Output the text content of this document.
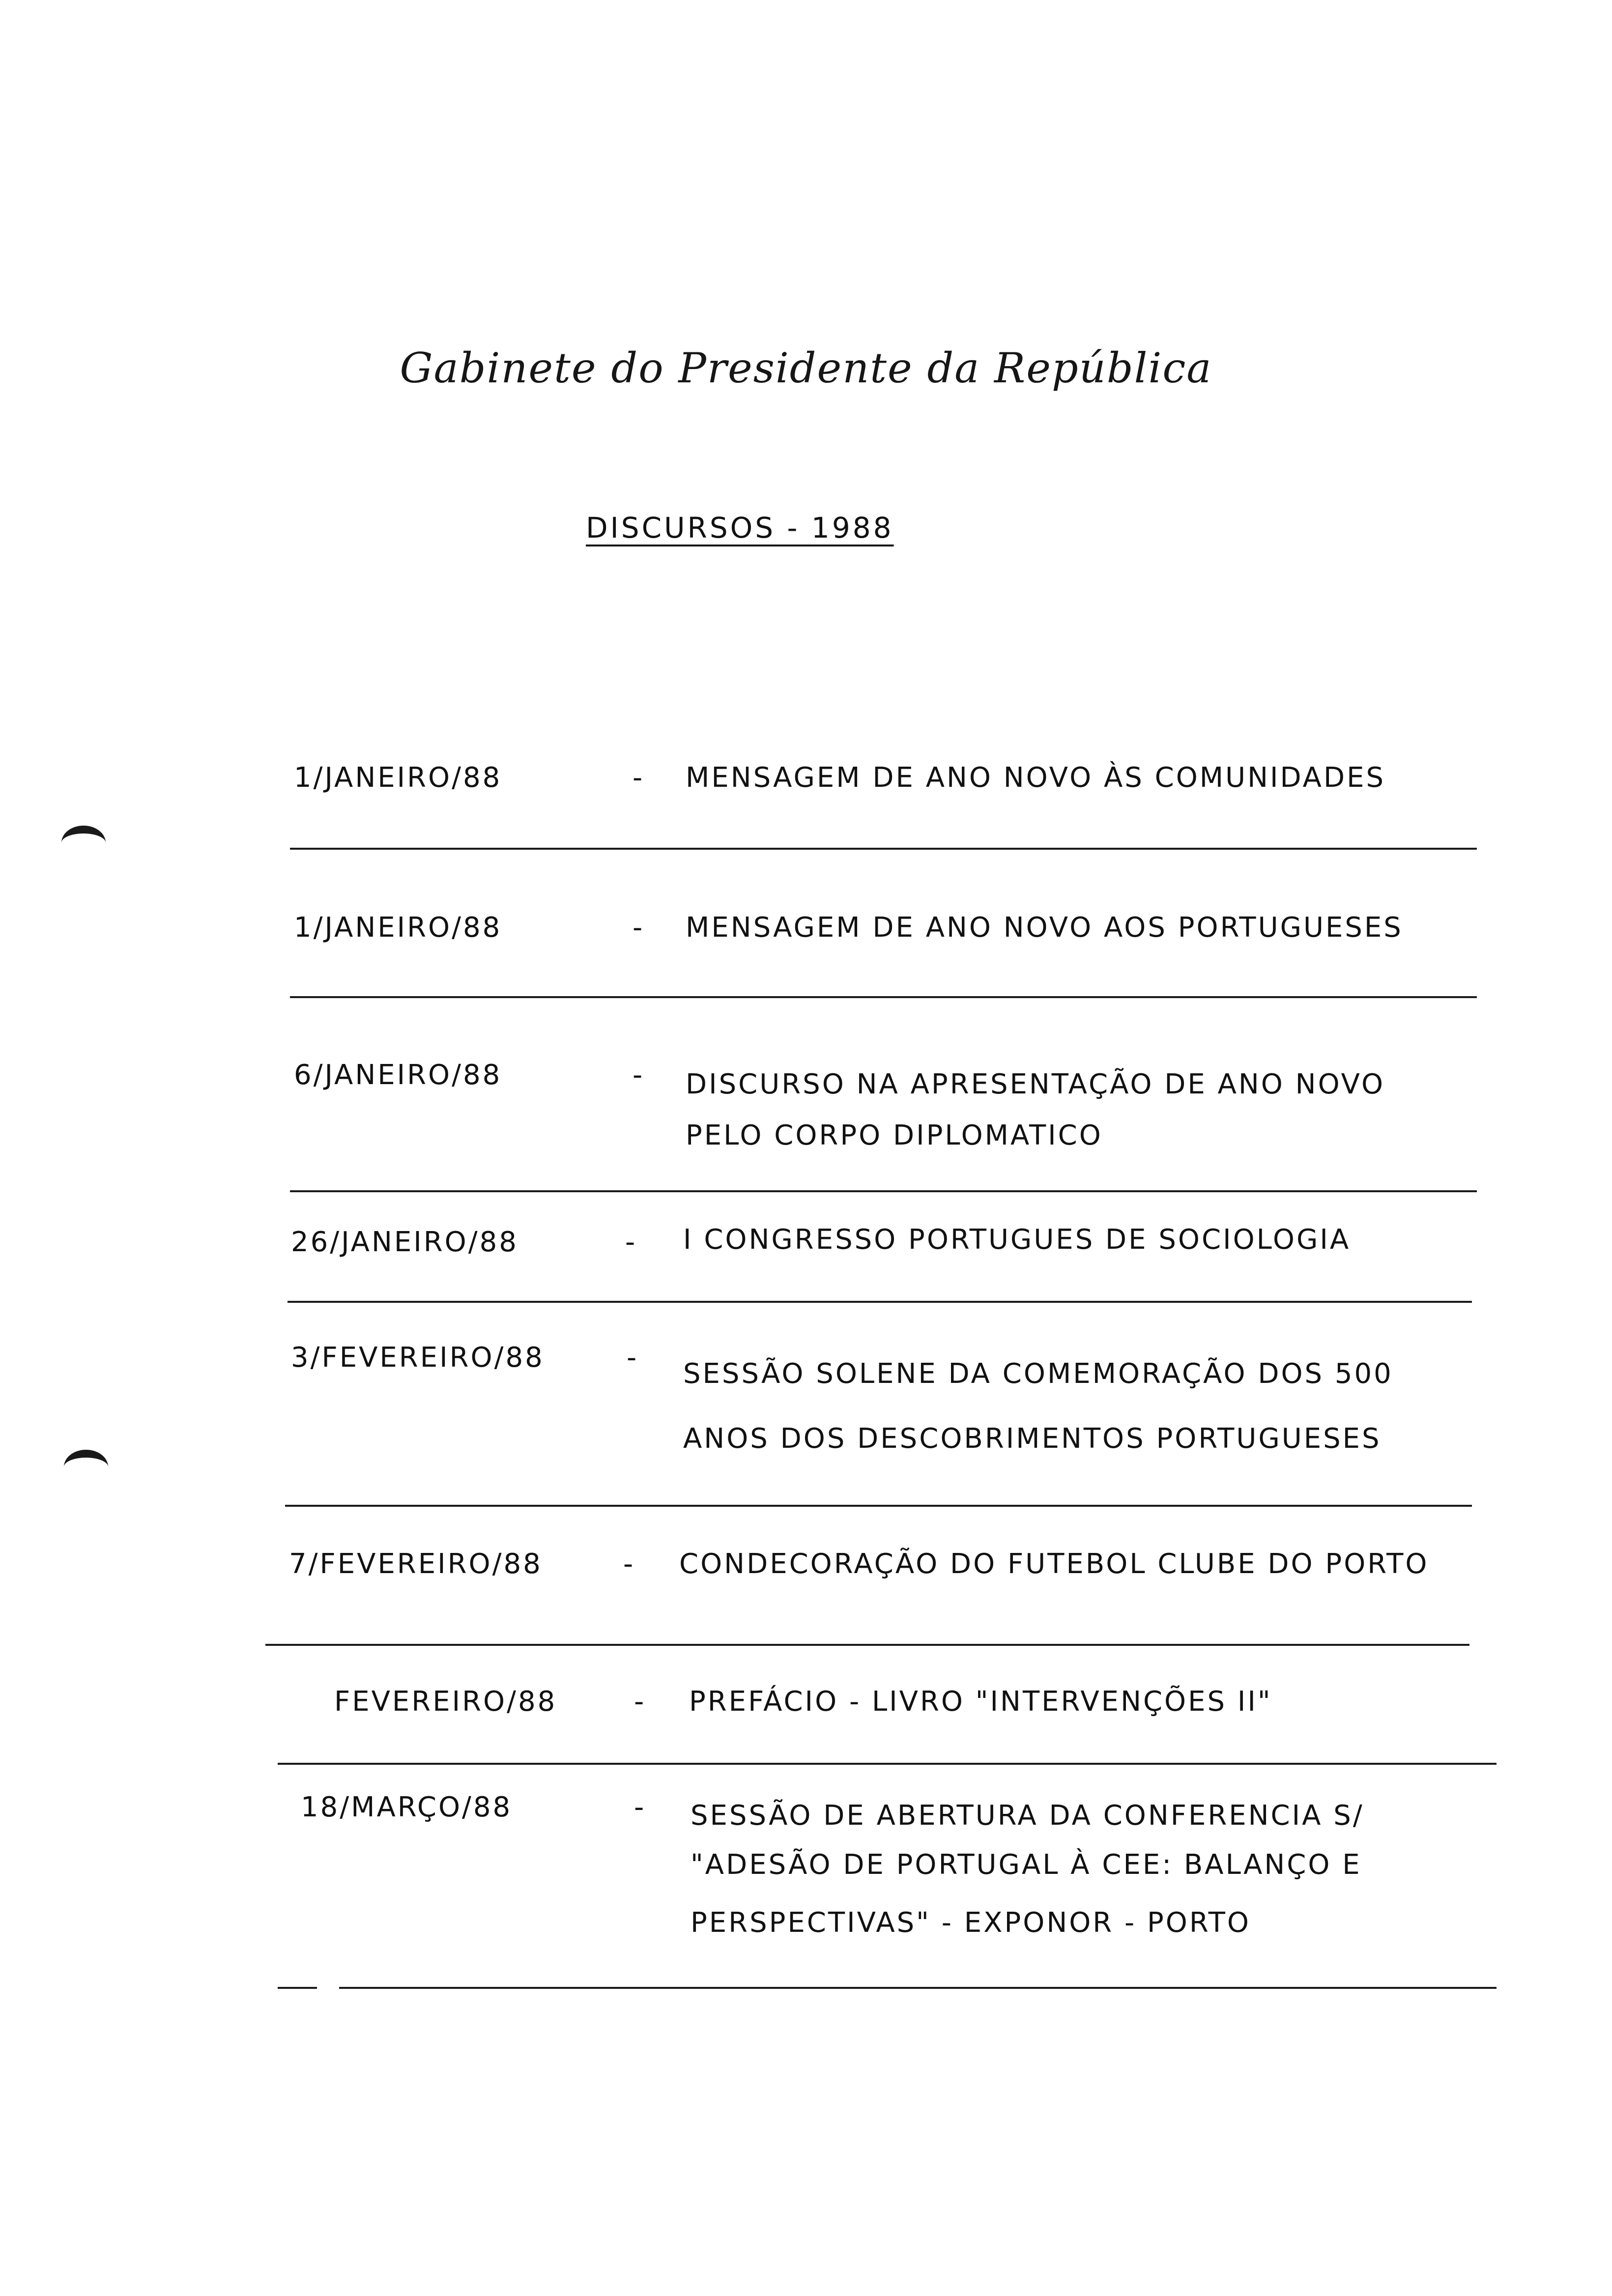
Gabinete do Presidente da República
DISCURSOS - 1988
1/JANEIRO/88	- MENSAGEM DE ANO NOVO ÀS COMUNIDADES
1/JANEIRO/88	- MENSAGEM DE ANO NOVO AOS PORTUGUESES
6/JANEIRO/88	- DISCURSO NA APRESENTAÇÃO DE ANO NOVO
PELO CORPO DIPLOMATICO
26/JANEIRO/88	- I CONGRESSO PORTUGUES DE SOCIOLOGIA
3/FEVEREIRO/88	-
SESSÃO SOLENE DA COMEMORAÇÃO DOS 500
ANOS DOS DESCOBRIMENTOS PORTUGUESES
7/FEVEREIRO/88	- CONDECORAÇÃO DO FUTEBOL CLUBE DO PORTO
FEVEREIRO/88	- PREFÁCIO - LIVRO "INTERVENÇÕES II"
18/MARÇO/88	- SESSÃO DE ABERTURA DA CONFERENCIA S/
"ADESÃO DE PORTUGAL À CEE: BALANÇO E
PERSPECTIVAS" - EXPONOR - PORTO
